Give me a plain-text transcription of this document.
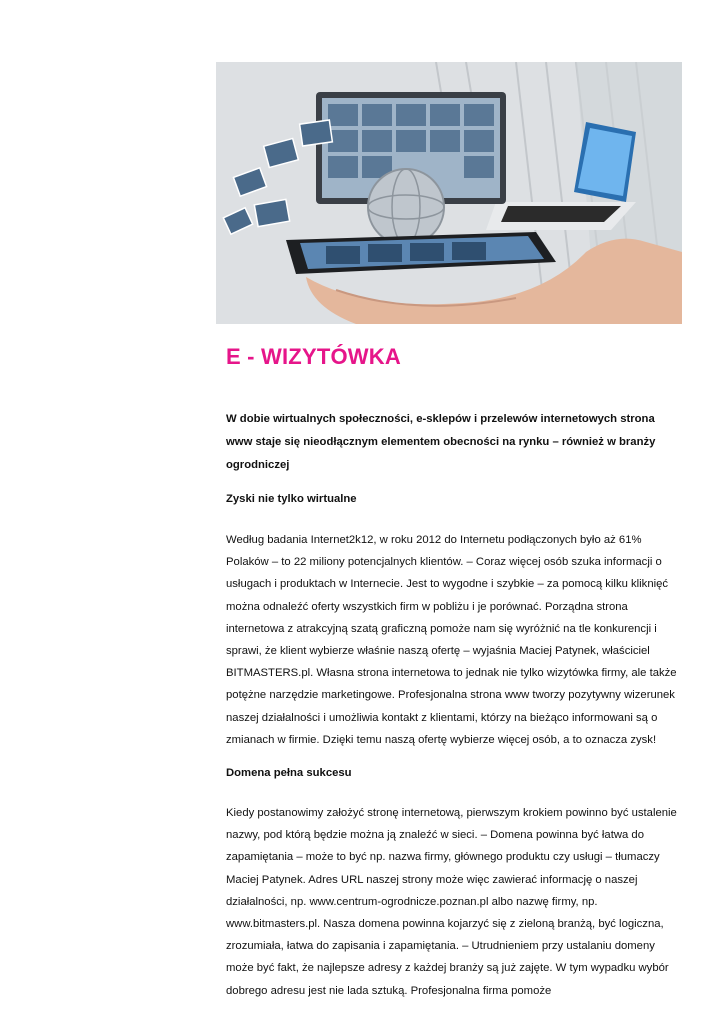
E - WIZYTÓWKA

W dobie wirtualnych społeczności, e-sklepów i przelewów internetowych strona www staje się nieodłącznym elementem obecności na rynku – również w branży ogrodniczej

Zyski nie tylko wirtualne

Według badania Internet2k12, w roku 2012 do Internetu podłączonych było aż 61% Polaków – to 22 miliony potencjalnych klientów. – Coraz więcej osób szuka informacji o usługach i produktach w Internecie. Jest to wygodne i szybkie – za pomocą kilku kliknięć można odnaleźć oferty wszystkich firm w pobliżu i je porównać. Porządna strona internetowa z atrakcyjną szatą graficzną pomoże nam się wyróżnić na tle konkurencji i sprawi, że klient wybierze właśnie naszą ofertę – wyjaśnia Maciej Patynek, właściciel BITMASTERS.pl. Własna strona internetowa to jednak nie tylko wizytówka firmy, ale także potężne narzędzie marketingowe. Profesjonalna strona www tworzy pozytywny wizerunek naszej działalności i umożliwia kontakt z klientami, którzy na bieżąco informowani są o zmianach w firmie. Dzięki temu naszą ofertę wybierze więcej osób, a to oznacza zysk!

Domena pełna sukcesu

Kiedy postanowimy założyć stronę internetową, pierwszym krokiem powinno być ustalenie nazwy, pod którą będzie można ją znaleźć w sieci. – Domena powinna być łatwa do zapamiętania – może to być np. nazwa firmy, głównego produktu czy usługi – tłumaczy Maciej Patynek. Adres URL naszej strony może więc zawierać informację o naszej działalności, np. www.centrum-ogrodnicze.poznan.pl albo nazwę firmy, np. www.bitmasters.pl. Nasza domena powinna kojarzyć się z zieloną branżą, być logiczna, zrozumiała, łatwa do zapisania i zapamiętania. – Utrudnieniem przy ustalaniu domeny może być fakt, że najlepsze adresy z każdej branży są już zajęte. W tym wypadku wybór dobrego adresu jest nie lada sztuką. Profesjonalna firma pomoże
